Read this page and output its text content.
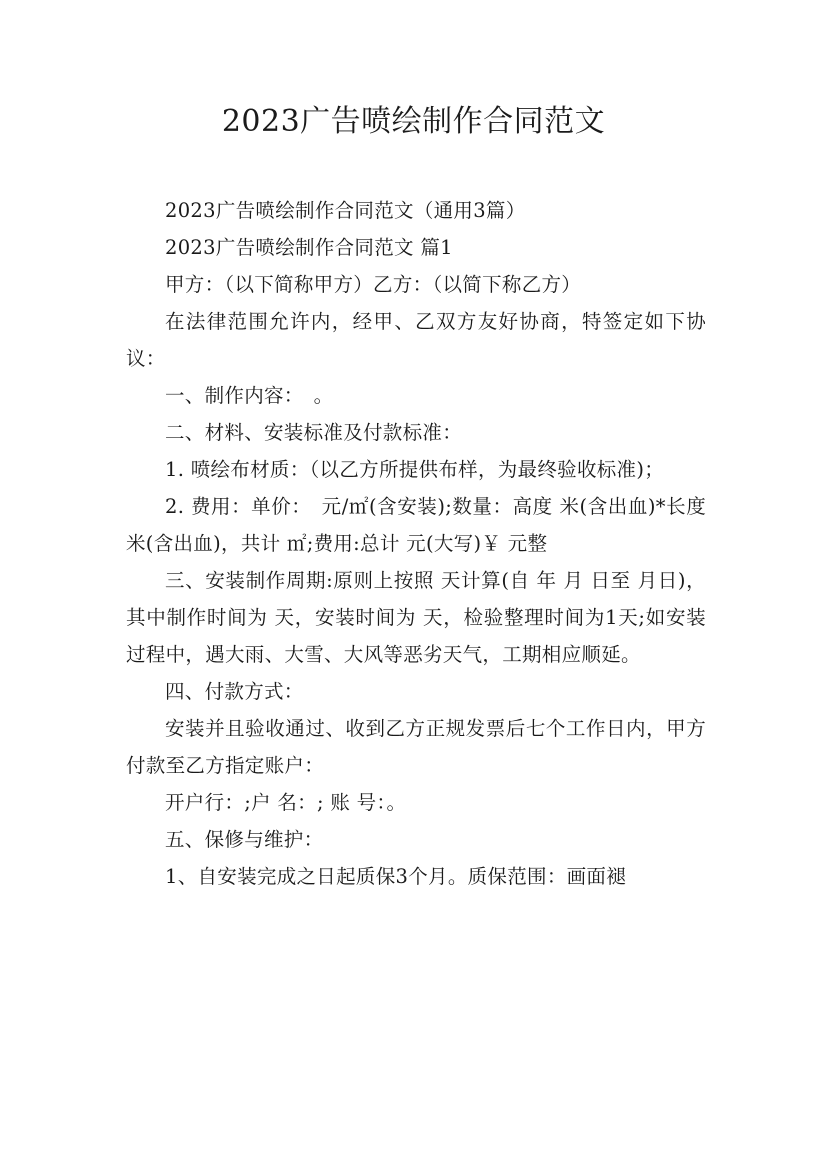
2023广告喷绘制作合同范文

2023广告喷绘制作合同范文（通用3篇）

2023广告喷绘制作合同范文 篇1

甲方：（以下简称甲方）乙方：（以简下称乙方）

在法律范围允许内，经甲、乙双方友好协商，特签定如下协议：

一、制作内容：　。

二、材料、安装标准及付款标准：

1. 喷绘布材质：（以乙方所提供布样，为最终验收标准)；

2. 费用：单价：　元/㎡(含安装);数量：高度 米(含出血)*长度 米(含出血)，共计 ㎡;费用:总计 元(大写)￥ 元整

三、安装制作周期:原则上按照 天计算(自 年 月 日至 月日)，其中制作时间为 天，安装时间为 天，检验整理时间为1天;如安装过程中，遇大雨、大雪、大风等恶劣天气，工期相应顺延。

四、付款方式：

安装并且验收通过、收到乙方正规发票后七个工作日内，甲方付款至乙方指定账户：

开户行：;户 名：; 账 号：。

五、保修与维护：

1、自安装完成之日起质保3个月。质保范围：画面褪
